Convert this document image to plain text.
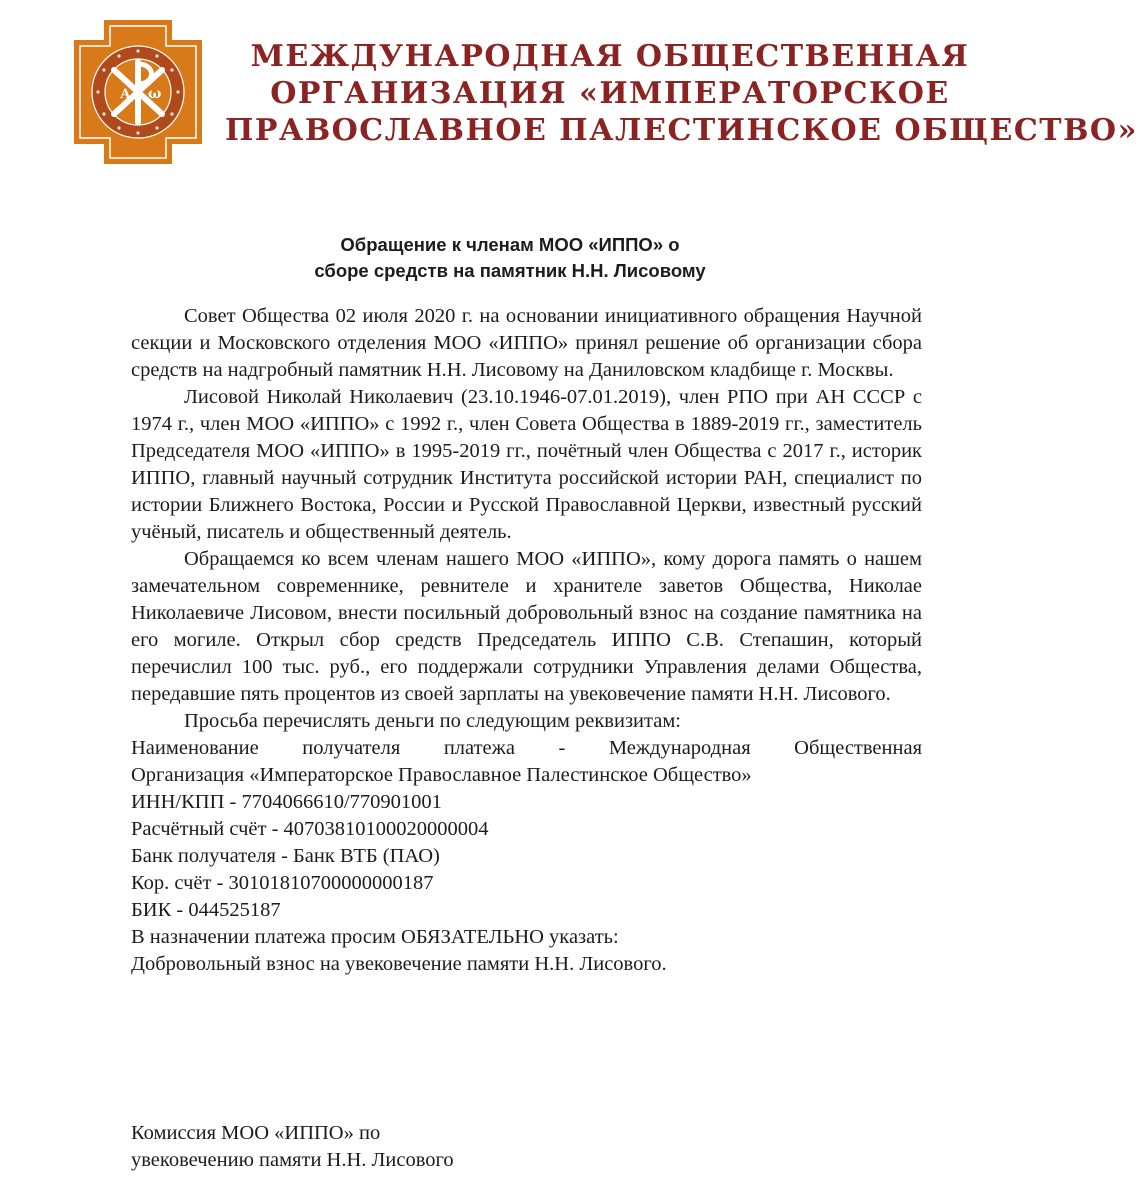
А ω
МЕЖДУНАРОДНАЯ ОБЩЕСТВЕННАЯ
ОРГАНИЗАЦИЯ «ИМПЕРАТОРСКОЕ
ПРАВОСЛАВНОЕ ПАЛЕСТИНСКОЕ ОБЩЕСТВО»
Обращение к членам МОО «ИППО» о
сборе средств на памятник Н.Н. Лисовому

Совет Общества 02 июля 2020 г. на основании инициативного обращения Научной секции и Московского отделения МОО «ИППО» принял решение об организации сбора средств на надгробный памятник Н.Н. Лисовому на Даниловском кладбище г. Москвы.

Лисовой Николай Николаевич (23.10.1946-07.01.2019), член РПО при АН СССР с 1974 г., член МОО «ИППО» с 1992 г., член Совета Общества в 1889-2019 гг., заместитель Председателя МОО «ИППО» в 1995-2019 гг., почётный член Общества с 2017 г., историк ИППО, главный научный сотрудник Института российской истории РАН, специалист по истории Ближнего Востока, России и Русской Православной Церкви, известный русский учёный, писатель и общественный деятель.

Обращаемся ко всем членам нашего МОО «ИППО», кому дорога память о нашем замечательном современнике, ревнителе и хранителе заветов Общества, Николае Николаевиче Лисовом, внести посильный добровольный взнос на создание памятника на его могиле. Открыл сбор средств Председатель ИППО С.В. Степашин, который перечислил 100 тыс. руб., его поддержали сотрудники Управления делами Общества, передавшие пять процентов из своей зарплаты на увековечение памяти Н.Н. Лисового.

Просьба перечислять деньги по следующим реквизитам:
Наименование получателя платежа - Международная Общественная
Организация «Императорское Православное Палестинское Общество»
ИНН/КПП - 7704066610/770901001
Расчётный счёт - 40703810100020000004
Банк получателя - Банк ВТБ (ПАО)
Кор. счёт - 30101810700000000187
БИК - 044525187
В назначении платежа просим ОБЯЗАТЕЛЬНО указать:
Добровольный взнос на увековечение памяти Н.Н. Лисового.
Комиссия МОО «ИППО» по
увековечению памяти Н.Н. Лисового
